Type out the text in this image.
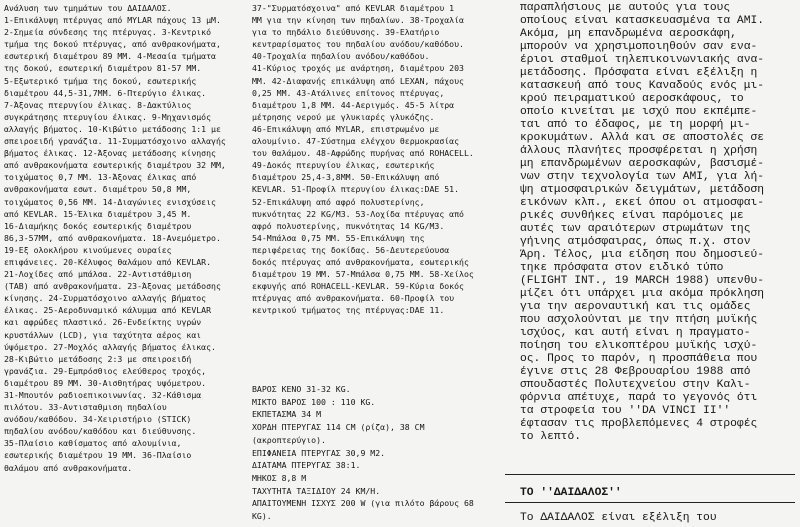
Ανάλυση των τμημάτων του ΔΑΙΔΑΛΟΣ.
1-Επικάλυψη πτέρυγας από MYLAR πάχους 13 μΜ.
2-Σημεία σύνδεσης της πτέρυγας. 3-Κεντρικό
τμήμα της δοκού πτέρυγας, από ανθρακονήματα,
εσωτερική διαμέτρου 89 MM. 4-Μεσαία τμήματα
της δοκού, εσωτερική διαμέτρου 81-57 MM.
5-Εξωτερικό τμήμα της δοκού, εσωτερικής
διαμέτρου 44,5-31,7MM. 6-Πτερύγιο έλικας.
7-Άξονας πτερυγίου έλικας. 8-Δακτύλιος
συγκράτησης πτερυγίου έλικας. 9-Μηχανισμός
αλλαγής βήματος. 10-Κιβώτιο μετάδοσης 1:1 με
σπειροειδή γρανάζια. 11-Συμματόσχοινο αλλαγής
βήματος έλικας. 12-Άξονας μετάδοσης κίνησης
από ανθρακονήματα εσωτερικής διαμέτρου 32 ΜΜ,
τοιχώματος 0,7 ΜΜ. 13-Άξονας έλικας από
ανθρακονήματα εσωτ. διαμέτρου 50,8 ΜΜ,
τοιχώματος 0,56 ΜΜ. 14-Διαγώνιες ενισχύσεις
από KEVLAR. 15-Έλικα διαμέτρου 3,45 Μ.
16-Διαμήκης δοκός εσωτερικής διαμέτρου
86,3-57ΜΜ, από ανθρακονήματα. 18-Ανεμόμετρο.
19-Εξ ολοκλήρου κινούμενες ουραίες
επιφάνειες. 20-Κέλυφος θαλάμου από KEVLAR.
21-Λοχίδες από μπάλσα. 22-Αντιστάθμιση
(TAB) από ανθρακονήματα. 23-Άξονας μετάδοσης
κίνησης. 24-Συρματόσχοινο αλλαγής βήματος
έλικας. 25-Αεροδυναμικό κάλυμμα από KEVLAR
και αφρώδες πλαστικό. 26-Ενδείκτης υγρών
κρυστάλλων (LCD), για ταχύτητα αέρος και
ύψόμετρο. 27-Μοχλός αλλαγής βήματος έλικας.
28-Κιβώτιο μετάδοσης 2:3 με σπειροειδή
γρανάζια. 29-Εμπρόσθιος ελεύθερος τροχός,
διαμέτρου 89 ΜΜ. 30-Αισθητήρας υψόμετρου.
31-Μπουτόν ραδιοεπικοινωνίας. 32-Κάθισμα
πιλότου. 33-Αντισταθμιση πηδαλίου
ανόδου/καθόδου. 34-Χειριστήριο (STICK)
πηδαλίου ανόδου/καθόδου και διεύθυνσης.
35-Πλαίσιο καθίσματος από αλουμίνια,
εσωτερικής διαμέτρου 19 ΜΜ. 36-Πλαίσιο
θαλάμου από ανθρακονήματα.
37-"Συρματόσχοινα" από KEVLAR διαμέτρου 1
ΜΜ για την κίνηση των πηδαλίων. 38-Τροχαλία
για το πηδάλιο διεύθυνσης. 39-Ελατήριο
κεντραρίσματος του πηδαλίου ανόδου/καθόδου.
40-Τροχαλία πηδαλίου ανόδου/καθόδου.
41-Κύριος τροχός με ανάρτηση, διαμέτρου 203
ΜΜ. 42-Διαφανής επικάλυψη από LEXAN, πάχους
0,25 ΜΜ. 43-Ατάλινες επίτονος πτέρυγας,
διαμέτρου 1,8 ΜΜ. 44-Αεριγμός. 45-5 λίτρα
μέτρησης νερού με γλυκιαρές γλυκόζης.
46-Επικάλυψη από MYLAR, επιστρωμένο με
αλουμίνιο. 47-Σύστημα ελέγχου θερμοκρασίας
του θαλάμου. 48-Αφρώδης πυρήνας από ROHACELL.
49-Δοκός πτερυγίου έλικας, εσωτερικής
διαμέτρου 25,4-3,8ΜΜ. 50-Επικάλυψη από
KEVLAR. 51-Προφίλ πτερυγίου έλικας:DAE 51.
52-Επικάλυψη από αφρό πολυστερίνης,
πυκνότητας 22 KG/M3. 53-Λοχίδα πτέρυγας από
αφρό πολυστερίνης, πυκνότητας 14 KG/M3.
54-Μπάλσα 0,75 ΜΜ. 55-Επικάλυψη της
περιφέρειας της δοκίδας. 56-Δευτερεύουσα
δοκός πτέρυγας από ανθρακονήματα, εσωτερικής
διαμέτρου 19 ΜΜ. 57-Μπάλσα 0,75 ΜΜ. 58-Χείλος
εκφυγής από ROHACELL-KEVLAR. 59-Κύρια δοκός
πτέρυγας από ανθρακονήματα. 60-Προφίλ του
κεντρικού τμήματος της πτέρυγας:DAE 11.
ΒΑΡΟΣ ΚΕΝΟ 31-32 KG.
ΜΙΚΤΟ ΒΑΡΟΣ 100 : 110 KG.
ΕΚΠΕΤΑΣΜΑ 34 Μ
ΧΟΡΔΗ ΠΤΕΡΥΓΑΣ 114 CM (ρίζα), 38 CM
(ακροπτερύγιο).
ΕΠΙΦΑΝΕΙΑ ΠΤΕΡΥΓΑΣ 30,9 Μ2.
ΔΙΑΤΑΜΑ ΠΤΕΡΥΓΑΣ 38:1.
ΜΗΚΟΣ 8,8 Μ
ΤΑΧΥΤΗΤΑ ΤΑΞΙΔΙΟΥ 24 KM/H.
ΑΠΑΙΤΟΥΜΕΝΗ ΙΣΧΥΣ 200 W (για πιλότο βάρους 68
KG).
παραπλήσιους με αυτούς για τους
οποίους είναι κατασκευασμένα τα AMI.
Ακόμα, μη επανδρωμένα αεροσκάφη,
μπορούν να χρησιμοποιηθούν σαν ενα-
έριοι σταθμοί τηλεπικοινωνιακής ανα-
μετάδοσης. Πρόσφατα είναι εξέλιξη η
κατασκευή από τους Καναδούς ενός μι-
κρού πειραματικού αεροσκάφους, το
οποίο κινείται με ισχύ που εκπέμπε-
ται από το έδαφος, με τη μορφή μι-
κροκυμάτων. Αλλά και σε αποστολές σε
άλλους πλανήτες προσφέρεται η χρήση
μη επανδρωμένων αεροσκαφών, βασισμέ-
νων στην τεχνολογία των AMI, για λή-
ψη ατμοσφαιρικών δειγμάτων, μετάδοση
εικόνων κλπ., εκεί όπου οι ατμοσφαι-
ρικές συνθήκες είναι παρόμοιες με
αυτές των αραιότερων στρωμάτων της
γήινης ατμόσφαιρας, όπως π.χ. στον
Άρη. Τέλος, μια είδηση που δημοσιεύ-
τηκε πρόσφατα στον ειδικό τύπο
(FLIGHT INT., 19 MARCH 1988) υπενθυ-
μίζει ότι υπάρχει μια ακόμα πρόκληση
για την αεροναυτική και τις ομάδες
που ασχολούνται με την πτήση μυϊκής
ισχύος, και αυτή είναι η πραγματο-
ποίηση του ελικοπτέρου μυϊκής ισχύ-
ος. Προς το παρόν, η προσπάθεια που
έγινε στις 28 Φεβρουαρίου 1988 από
σπουδαστές Πολυτεχνείου στην Καλι-
φόρνια απέτυχε, παρά το γεγονός ότι
τα στροφεία του ''DA VINCI II''
έφτασαν τις προβλεπόμενες 4 στροφές
το λεπτό.
ΤΟ ''ΔΑΙΔΑΛΟΣ''
Το ΔΑΙΔΑΛΟΣ είναι εξέλιξη του
